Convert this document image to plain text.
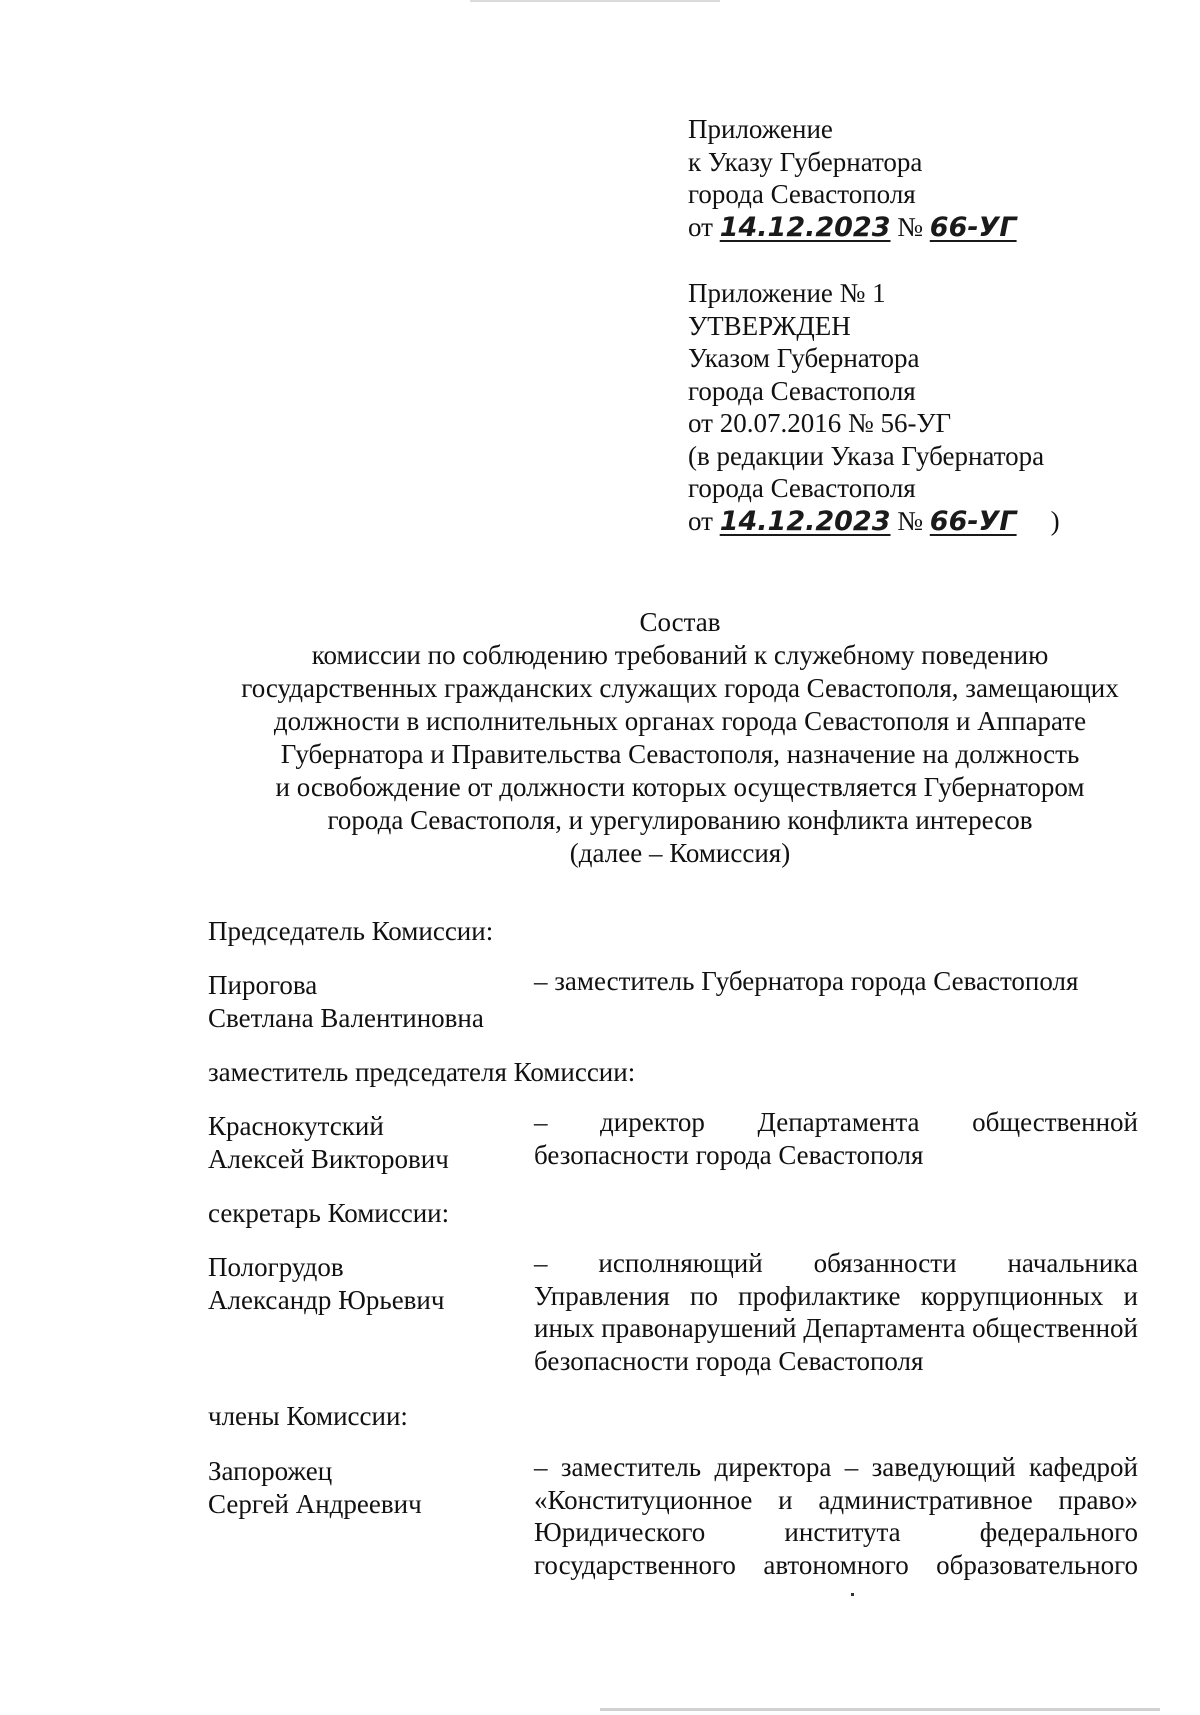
Приложение
к Указу Губернатора
города Севастополя
от 14.12.2023 № 66-УГ
Приложение № 1
УТВЕРЖДЕН
Указом Губернатора
города Севастополя
от 20.07.2016 № 56-УГ
(в редакции Указа Губернатора
города Севастополя
от 14.12.2023 № 66-УГ )
Состав
комиссии по соблюдению требований к служебному поведению
государственных гражданских служащих города Севастополя, замещающих
должности в исполнительных органах города Севастополя и Аппарате
Губернатора и Правительства Севастополя, назначение на должность
и освобождение от должности которых осуществляется Губернатором
города Севастополя, и урегулированию конфликта интересов
(далее – Комиссия)
Председатель Комиссии:
Пирогова
Светлана Валентиновна
– заместитель Губернатора города Севастополя
заместитель председателя Комиссии:
Краснокутский
Алексей Викторович
– директор Департамента общественной безопасности города Севастополя
секретарь Комиссии:
Пологрудов
Александр Юрьевич
– исполняющий обязанности начальника Управления по профилактике коррупционных и иных правонарушений Департамента общественной безопасности города Севастополя
члены Комиссии:
Запорожец
Сергей Андреевич
– заместитель директора – заведующий кафедрой «Конституционное и административное право» Юридического института федерального государственного автономного образовательного
